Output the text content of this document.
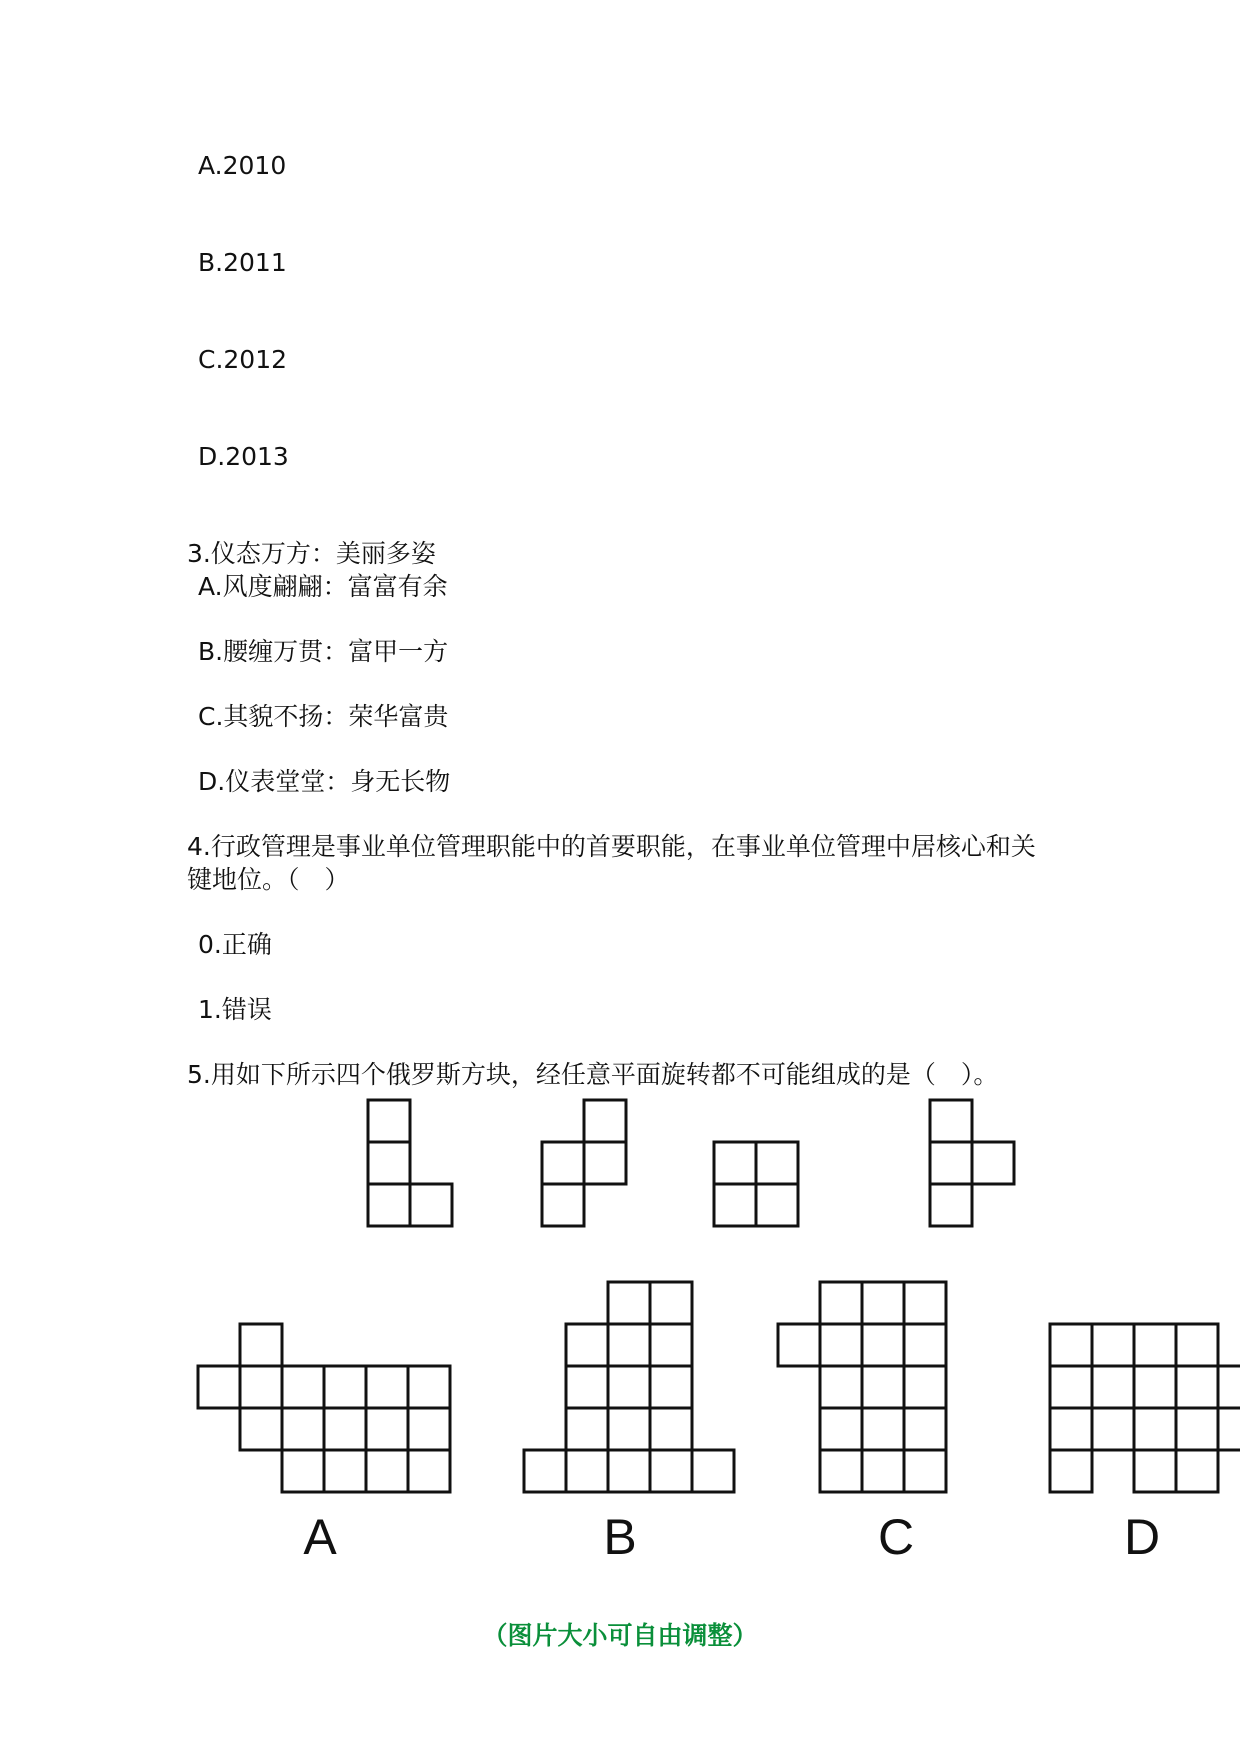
A.2010
B.2011
C.2012
D.2013
3.仪态万方：美丽多姿
A.风度翩翩：富富有余
B.腰缠万贯：富甲一方
C.其貌不扬：荣华富贵
D.仪表堂堂：身无长物
4.行政管理是事业单位管理职能中的首要职能，在事业单位管理中居核心和关
键地位。（　）
0.正确
1.错误
5.用如下所示四个俄罗斯方块，经任意平面旋转都不可能组成的是（　）。
A	B	C	D
（图片大小可自由调整）
